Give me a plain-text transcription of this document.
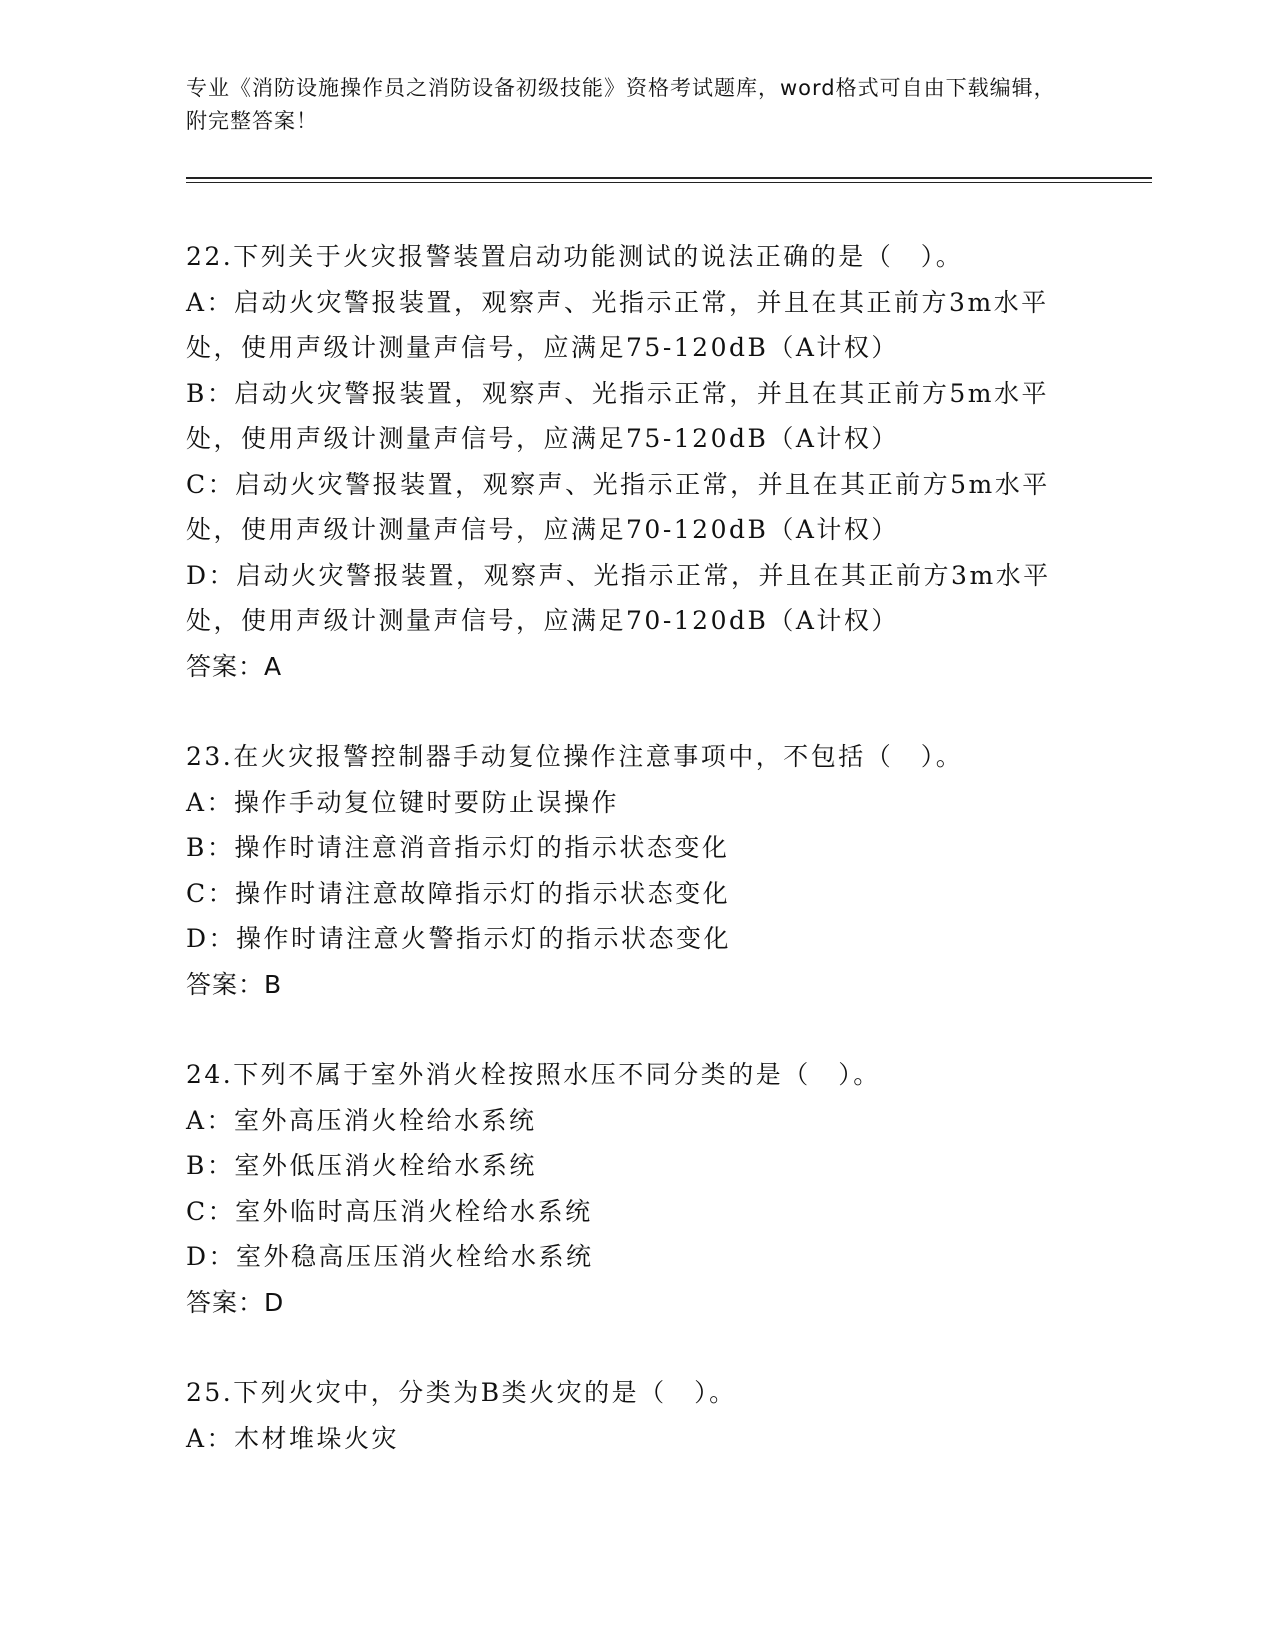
专业《消防设施操作员之消防设备初级技能》资格考试题库，word格式可自由下载编辑，附完整答案！

22.下列关于火灾报警装置启动功能测试的说法正确的是（　）。

A：启动火灾警报装置，观察声、光指示正常，并且在其正前方3m水平处，使用声级计测量声信号，应满足75-120dB（A计权）

B：启动火灾警报装置，观察声、光指示正常，并且在其正前方5m水平处，使用声级计测量声信号，应满足75-120dB（A计权）

C：启动火灾警报装置，观察声、光指示正常，并且在其正前方5m水平处，使用声级计测量声信号，应满足70-120dB（A计权）

D：启动火灾警报装置，观察声、光指示正常，并且在其正前方3m水平处，使用声级计测量声信号，应满足70-120dB（A计权）

答案：A

23.在火灾报警控制器手动复位操作注意事项中，不包括（　）。

A：操作手动复位键时要防止误操作

B：操作时请注意消音指示灯的指示状态变化

C：操作时请注意故障指示灯的指示状态变化

D：操作时请注意火警指示灯的指示状态变化

答案：B

24.下列不属于室外消火栓按照水压不同分类的是（　）。

A：室外高压消火栓给水系统

B：室外低压消火栓给水系统

C：室外临时高压消火栓给水系统

D：室外稳高压压消火栓给水系统

答案：D

25.下列火灾中，分类为B类火灾的是（　）。

A：木材堆垛火灾
